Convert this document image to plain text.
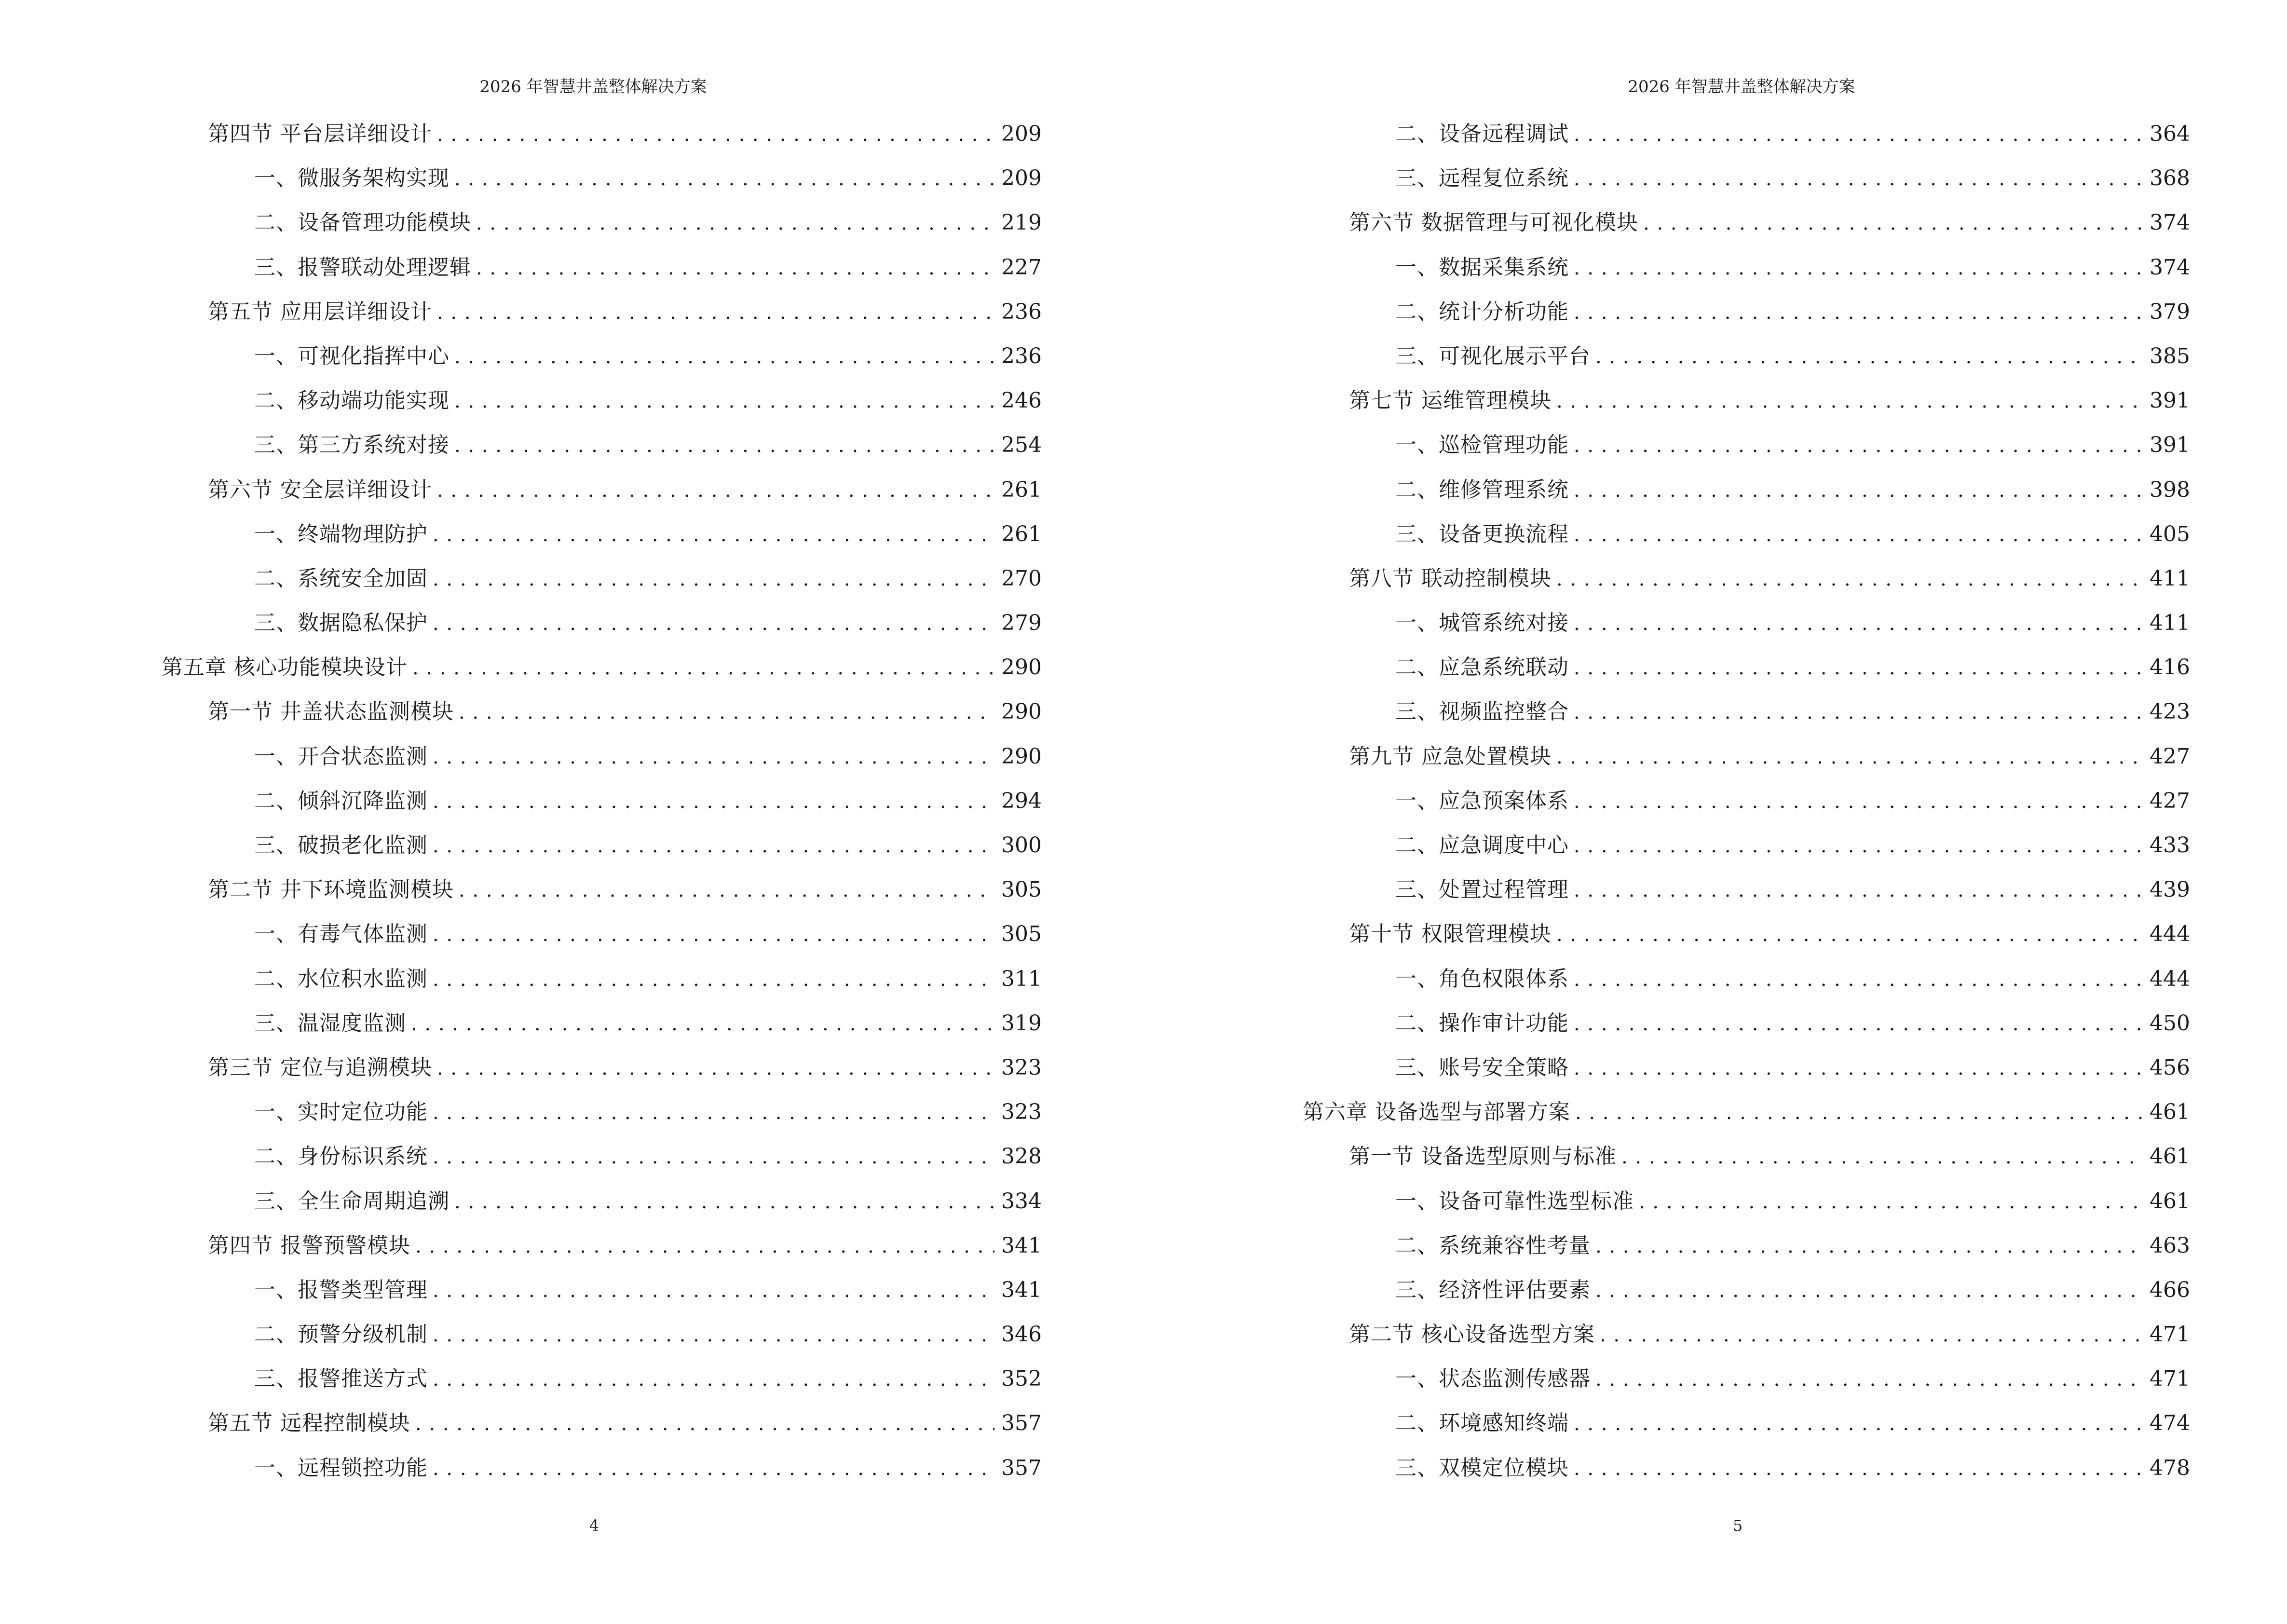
2026 年智慧井盖整体解决方案
第四节 平台层详细设计 . . .	209
一、微服务架构实现 . . .	209
二、设备管理功能模块 . . .	219
三、报警联动处理逻辑 . . .	227
第五节 应用层详细设计 . . .	236
一、可视化指挥中心 . . .	236
二、移动端功能实现 . . .	246
三、第三方系统对接 . . .	254
第六节 安全层详细设计 . . .	261
一、终端物理防护 . . .	261
二、系统安全加固 . . .	270
三、数据隐私保护 . . .	279
第五章 核心功能模块设计 . . .	290
第一节 井盖状态监测模块 . . .	290
一、开合状态监测 . . .	290
二、倾斜沉降监测 . . .	294
三、破损老化监测 . . .	300
第二节 井下环境监测模块 . . .	305
一、有毒气体监测 . . .	305
二、水位积水监测 . . .	311
三、温湿度监测 . . .	319
第三节 定位与追溯模块 . . .	323
一、实时定位功能 . . .	323
二、身份标识系统 . . .	328
三、全生命周期追溯 . . .	334
第四节 报警预警模块 . . .	341
一、报警类型管理 . . .	341
二、预警分级机制 . . .	346
三、报警推送方式 . . .	352
第五节 远程控制模块 . . .	357
一、远程锁控功能 . . .	357
4
2026 年智慧井盖整体解决方案
二、设备远程调试 . . .	364
三、远程复位系统 . . .	368
第六节 数据管理与可视化模块 . . .	374
一、数据采集系统 . . .	374
二、统计分析功能 . . .	379
三、可视化展示平台 . . .	385
第七节 运维管理模块 . . .	391
一、巡检管理功能 . . .	391
二、维修管理系统 . . .	398
三、设备更换流程 . . .	405
第八节 联动控制模块 . . .	411
一、城管系统对接 . . .	411
二、应急系统联动 . . .	416
三、视频监控整合 . . .	423
第九节 应急处置模块 . . .	427
一、应急预案体系 . . .	427
二、应急调度中心 . . .	433
三、处置过程管理 . . .	439
第十节 权限管理模块 . . .	444
一、角色权限体系 . . .	444
二、操作审计功能 . . .	450
三、账号安全策略 . . .	456
第六章 设备选型与部署方案 . . .	461
第一节 设备选型原则与标准 . . .	461
一、设备可靠性选型标准 . . .	461
二、系统兼容性考量 . . .	463
三、经济性评估要素 . . .	466
第二节 核心设备选型方案 . . .	471
一、状态监测传感器 . . .	471
二、环境感知终端 . . .	474
三、双模定位模块 . . .	478
5
